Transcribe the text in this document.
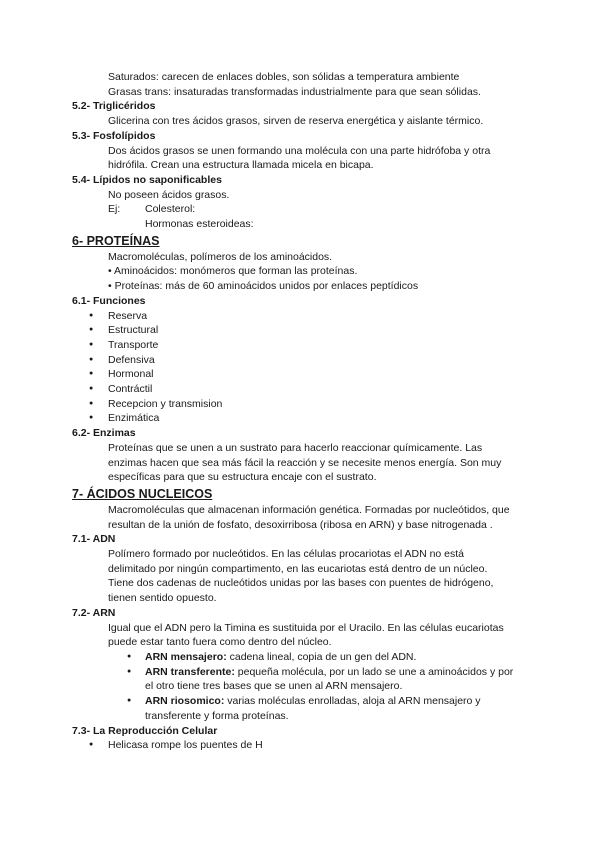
Saturados: carecen de enlaces dobles, son sólidas a temperatura ambiente
Grasas trans: insaturadas transformadas industrialmente para que sean sólidas.
5.2- Triglicéridos
Glicerina con tres ácidos grasos, sirven de reserva energética y aislante térmico.
5.3- Fosfolípidos
Dos ácidos grasos se unen formando una molécula con una parte hidrófoba y otra hidrófila. Crean una estructura llamada micela en bicapa.
5.4- Lípidos no saponificables
No poseen ácidos grasos.
Ej: Colesterol:
Hormonas esteroideas:
6- PROTEÍNAS
Macromoléculas, polímeros de los aminoácidos.
• Aminoácidos: monómeros que forman las proteínas.
• Proteínas: más de 60 aminoácidos unidos por enlaces peptídicos
6.1- Funciones
● Reserva
● Estructural
● Transporte
● Defensiva
● Hormonal
● Contráctil
● Recepcion y transmision
● Enzimática
6.2- Enzimas
Proteínas que se unen a un sustrato para hacerlo reaccionar químicamente. Las enzimas hacen que sea más fácil la reacción y se necesite menos energía. Son muy específicas para que su estructura encaje con el sustrato.
7- ÁCIDOS NUCLEICOS
Macromoléculas que almacenan información genética. Formadas por nucleótidos, que resultan de la unión de fosfato, desoxirribosa (ribosa en ARN) y base nitrogenada .
7.1- ADN
Polímero formado por nucleótidos. En las células procariotas el ADN no está delimitado por ningún compartimento, en las eucariotas está dentro de un núcleo. Tiene dos cadenas de nucleótidos unidas por las bases con puentes de hidrógeno, tienen sentido opuesto.
7.2- ARN
Igual que el ADN pero la Timina es sustituida por el Uracilo. En las células eucariotas puede estar tanto fuera como dentro del núcleo.
● ARN mensajero: cadena lineal, copia de un gen del ADN.
● ARN transferente: pequeña molécula, por un lado se une a aminoácidos y por el otro tiene tres bases que se unen al ARN mensajero.
● ARN riosomico: varias moléculas enrolladas, aloja al ARN mensajero y transferente y forma proteínas.
7.3- La Reproducción Celular
● Helicasa rompe los puentes de H
